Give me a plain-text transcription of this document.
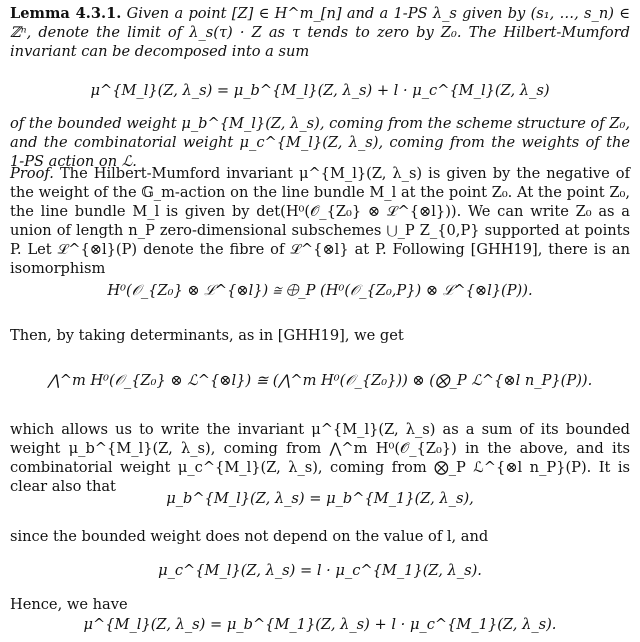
Lemma 4.3.1. Given a point [Z] ∈ H^m_[n] and a 1-PS λ_s given by (s₁, …, s_n) ∈ ℤⁿ, denote the limit of λ_s(τ) · Z as τ tends to zero by Z₀. The Hilbert-Mumford invariant can be decomposed into a sum
μ^{M_l}(Z, λ_s) = μ_b^{M_l}(Z, λ_s) + l · μ_c^{M_l}(Z, λ_s)
of the bounded weight μ_b^{M_l}(Z, λ_s), coming from the scheme structure of Z₀, and the combinatorial weight μ_c^{M_l}(Z, λ_s), coming from the weights of the 1-PS action on ℒ.
Proof. The Hilbert-Mumford invariant μ^{M_l}(Z, λ_s) is given by the negative of the weight of the 𝔾_m-action on the line bundle M_l at the point Z₀. At the point Z₀, the line bundle M_l is given by det(H⁰(𝒪_{Z₀} ⊗ ℒ^{⊗l})). We can write Z₀ as a union of length n_P zero-dimensional subschemes ⋃_P Z_{0,P} supported at points P. Let ℒ^{⊗l}(P) denote the fibre of ℒ^{⊗l} at P. Following [GHH19], there is an isomorphism
H⁰(𝒪_{Z₀} ⊗ ℒ^{⊗l}) ≅ ⨁_P (H⁰(𝒪_{Z₀,P}) ⊗ ℒ^{⊗l}(P)).
Then, by taking determinants, as in [GHH19], we get
⋀^m H⁰(𝒪_{Z₀} ⊗ ℒ^{⊗l}) ≅ (⋀^m H⁰(𝒪_{Z₀})) ⊗ (⨂_P ℒ^{⊗l n_P}(P)).
which allows us to write the invariant μ^{M_l}(Z, λ_s) as a sum of its bounded weight μ_b^{M_l}(Z, λ_s), coming from ⋀^m H⁰(𝒪_{Z₀}) in the above, and its combinatorial weight μ_c^{M_l}(Z, λ_s), coming from ⨂_P ℒ^{⊗l n_P}(P). It is clear also that
μ_b^{M_l}(Z, λ_s) = μ_b^{M_1}(Z, λ_s),
since the bounded weight does not depend on the value of l, and
μ_c^{M_l}(Z, λ_s) = l · μ_c^{M_1}(Z, λ_s).
Hence, we have
μ^{M_l}(Z, λ_s) = μ_b^{M_1}(Z, λ_s) + l · μ_c^{M_1}(Z, λ_s).
